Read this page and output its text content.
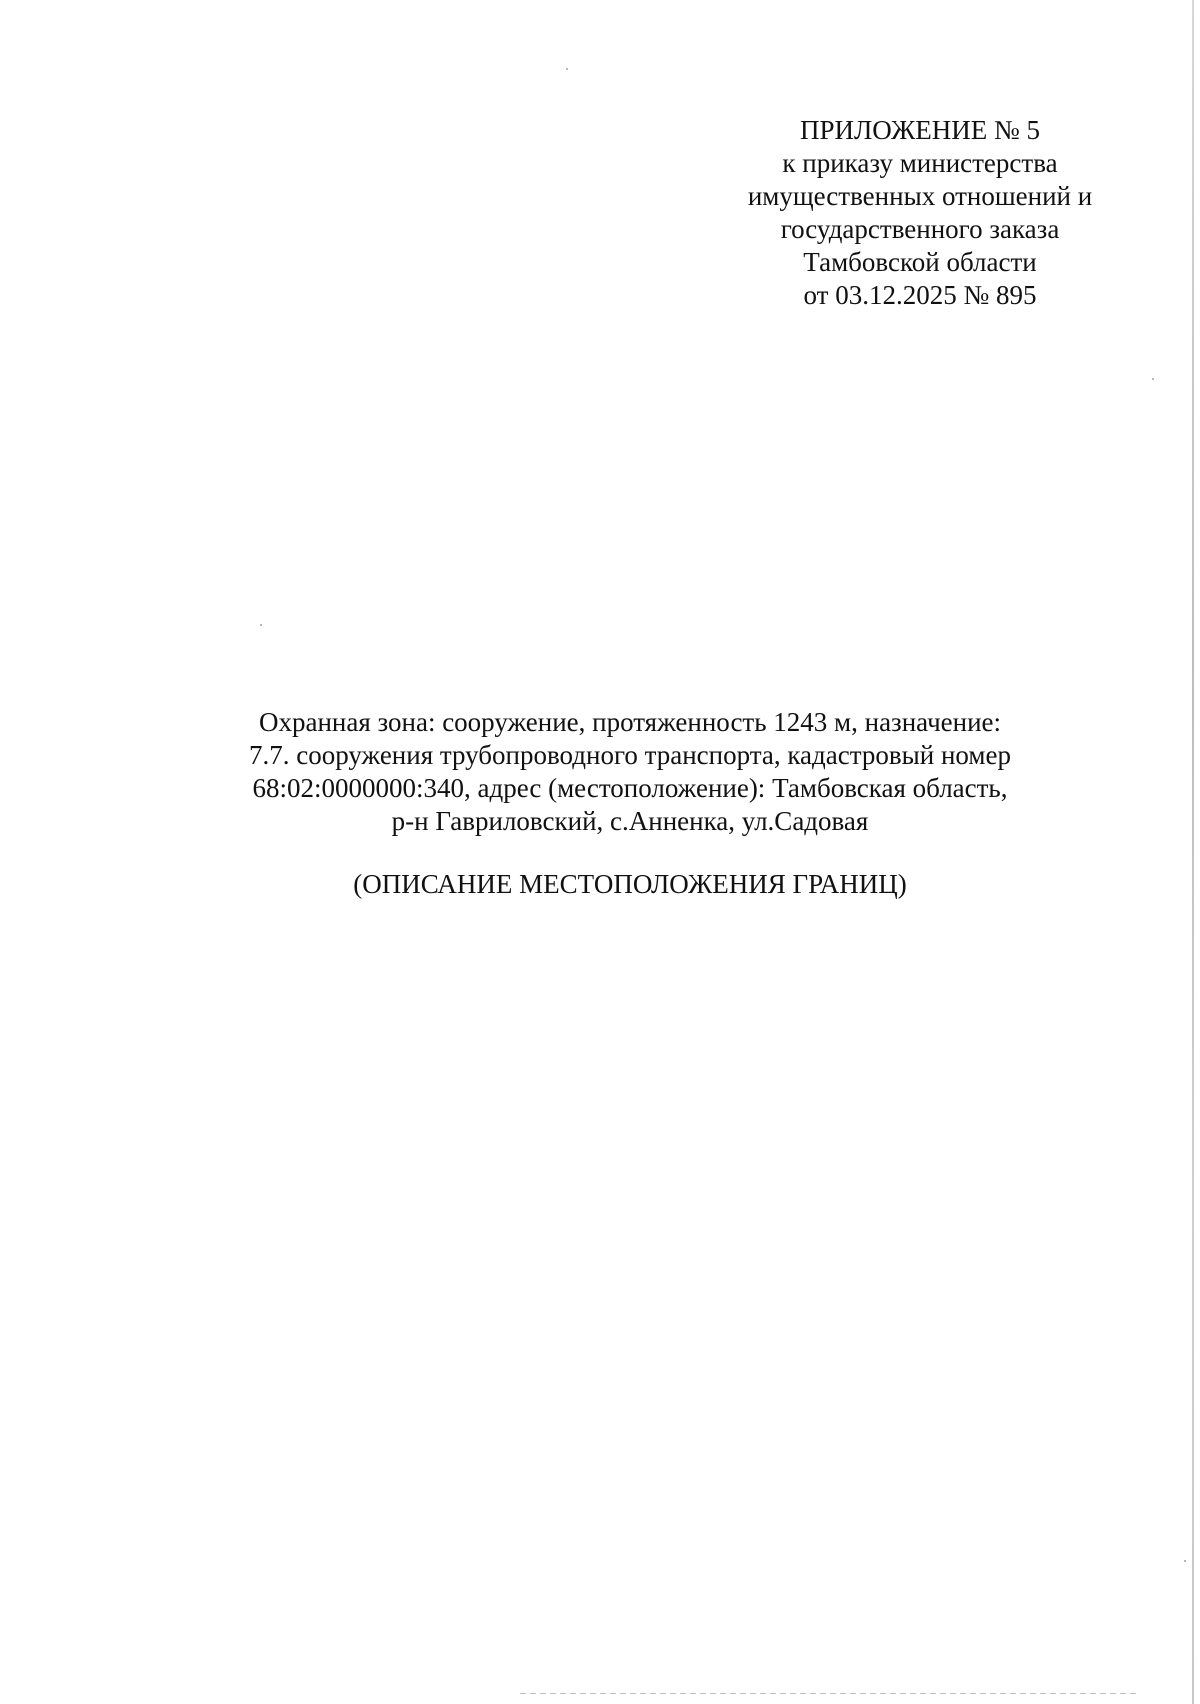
ПРИЛОЖЕНИЕ № 5
к приказу министерства
имущественных отношений и
государственного заказа
Тамбовской области
от 03.12.2025 № 895
Охранная зона: сооружение, протяженность 1243 м, назначение:
7.7. сооружения трубопроводного транспорта, кадастровый номер
68:02:0000000:340, адрес (местоположение): Тамбовская область,
р-н Гавриловский, с.Анненка, ул.Садовая
(ОПИСАНИЕ МЕСТОПОЛОЖЕНИЯ ГРАНИЦ)
